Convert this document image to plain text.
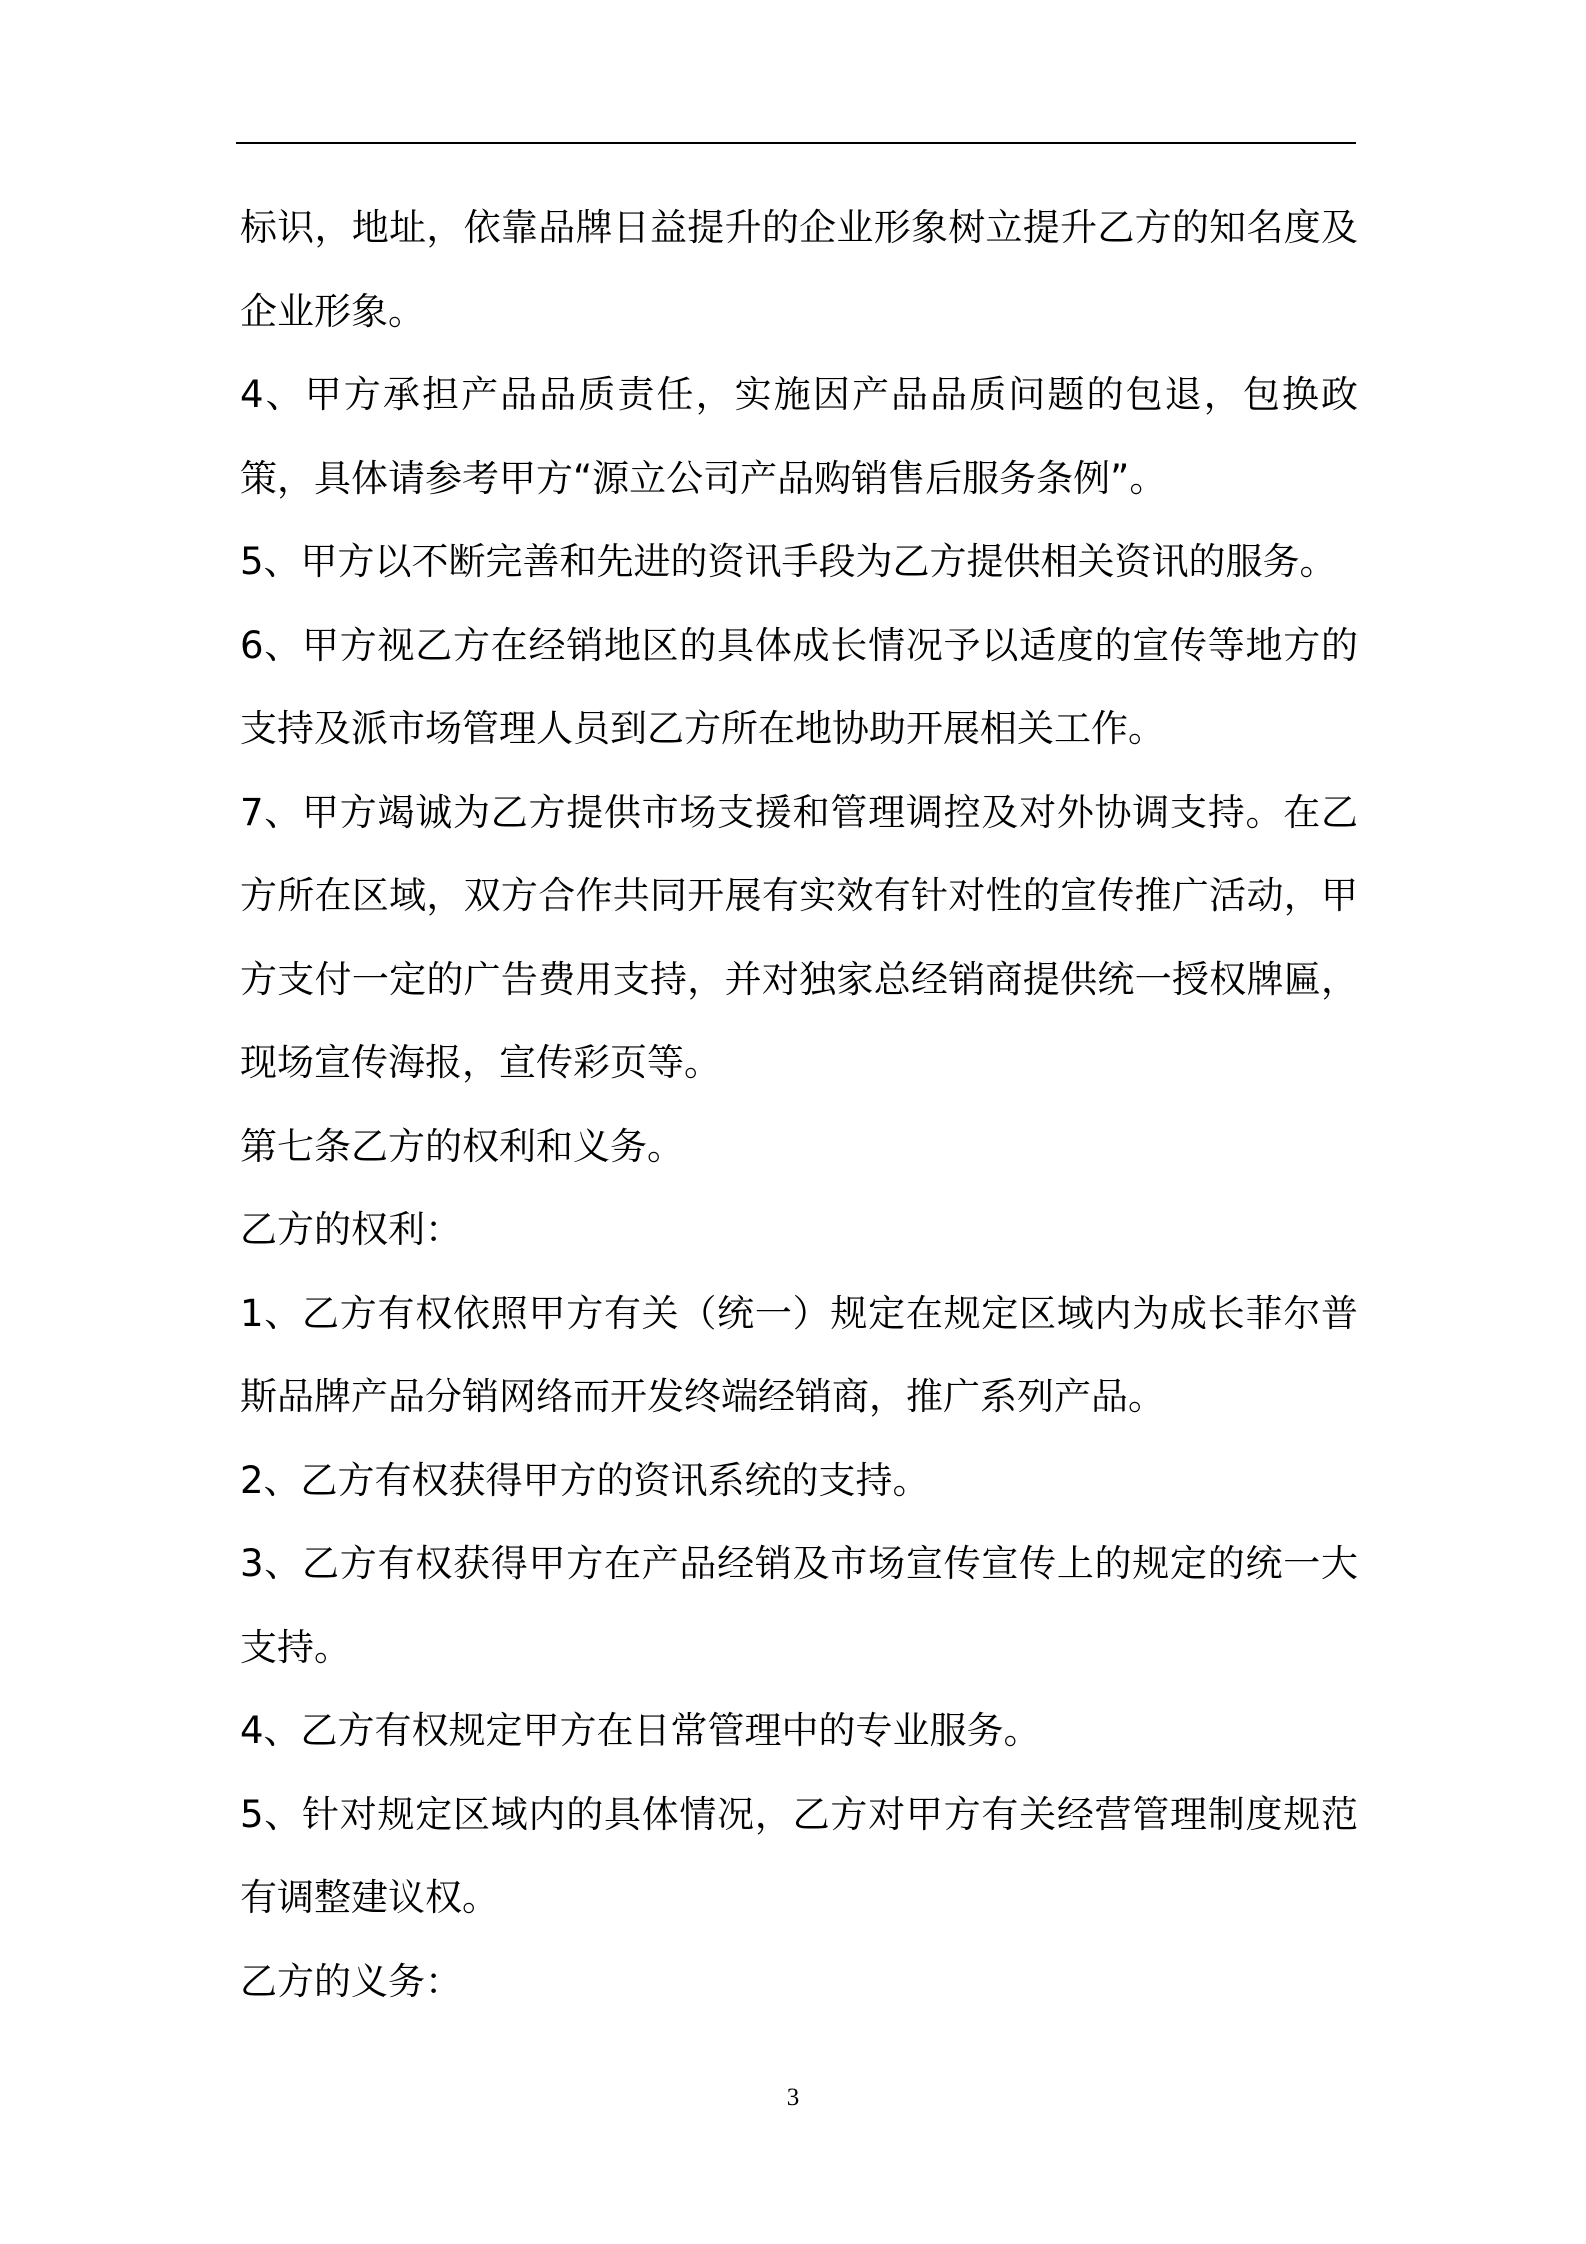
标识，地址，依靠品牌日益提升的企业形象树立提升乙方的知名度及企业形象。

4、甲方承担产品品质责任，实施因产品品质问题的包退，包换政策，具体请参考甲方“源立公司产品购销售后服务条例”。

5、甲方以不断完善和先进的资讯手段为乙方提供相关资讯的服务。

6、甲方视乙方在经销地区的具体成长情况予以适度的宣传等地方的支持及派市场管理人员到乙方所在地协助开展相关工作。

7、甲方竭诚为乙方提供市场支援和管理调控及对外协调支持。在乙方所在区域，双方合作共同开展有实效有针对性的宣传推广活动，甲方支付一定的广告费用支持，并对独家总经销商提供统一授权牌匾，现场宣传海报，宣传彩页等。

第七条乙方的权利和义务。

乙方的权利：

1、乙方有权依照甲方有关（统一）规定在规定区域内为成长菲尔普斯品牌产品分销网络而开发终端经销商，推广系列产品。

2、乙方有权获得甲方的资讯系统的支持。

3、乙方有权获得甲方在产品经销及市场宣传宣传上的规定的统一大支持。

4、乙方有权规定甲方在日常管理中的专业服务。

5、针对规定区域内的具体情况，乙方对甲方有关经营管理制度规范有调整建议权。

乙方的义务：

3
